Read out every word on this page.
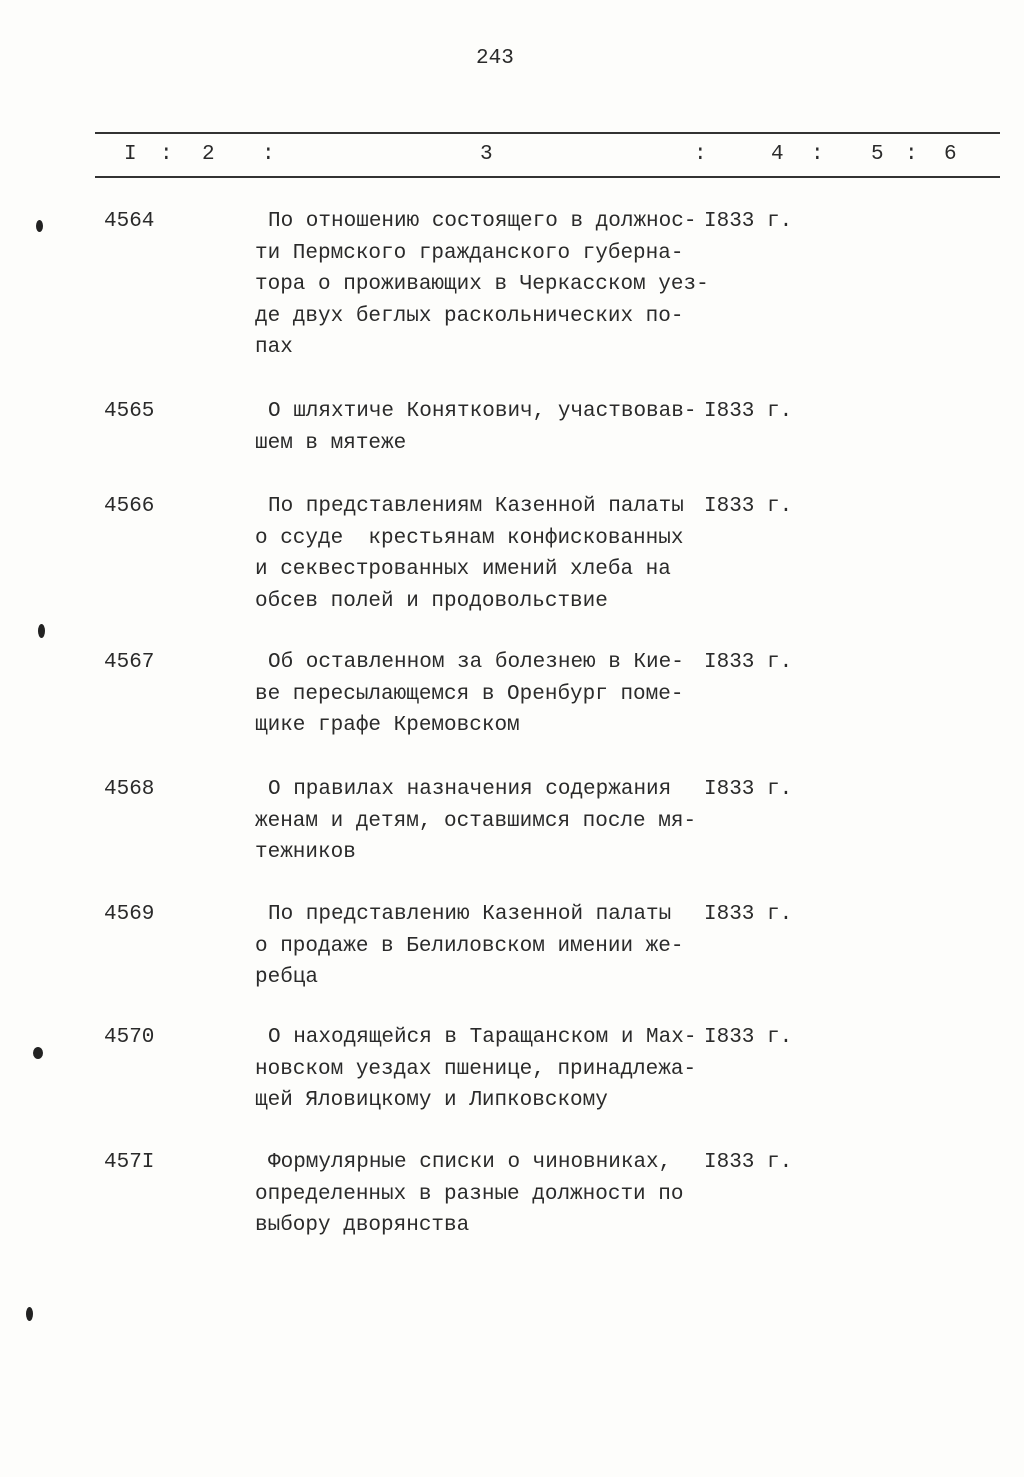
243
I : 2 :	3	:	4 : 5 : 6
4564	По отношению состоящего в должнос-
ти Пермского гражданского губерна-
тора о проживающих в Черкасском уез-
де двух беглых раскольнических по-
пах
I833 г.
4565	О шляхтиче Коняткович, участвовав-
шем в мятеже
I833 г.
4566	По представлениям Казенной палаты
о ссуде  крестьянам конфискованных
и секвестрованных имений хлеба на
обсев полей и продовольствие
I833 г.
4567	Об оставленном за болезнею в Кие-
ве пересылающемся в Оренбург поме-
щике графе Кремовском
I833 г.
4568	О правилах назначения содержания
женам и детям, оставшимся после мя-
тежников
I833 г.
4569	По представлению Казенной палаты
о продаже в Белиловском имении же-
ребца
I833 г.
4570	О находящейся в Таращанском и Мах-
новском уездах пшенице, принадлежа-
щей Яловицкому и Липковскому
I833 г.
457I	Формулярные списки о чиновниках,
определенных в разные должности по
выбору дворянства
I833 г.
